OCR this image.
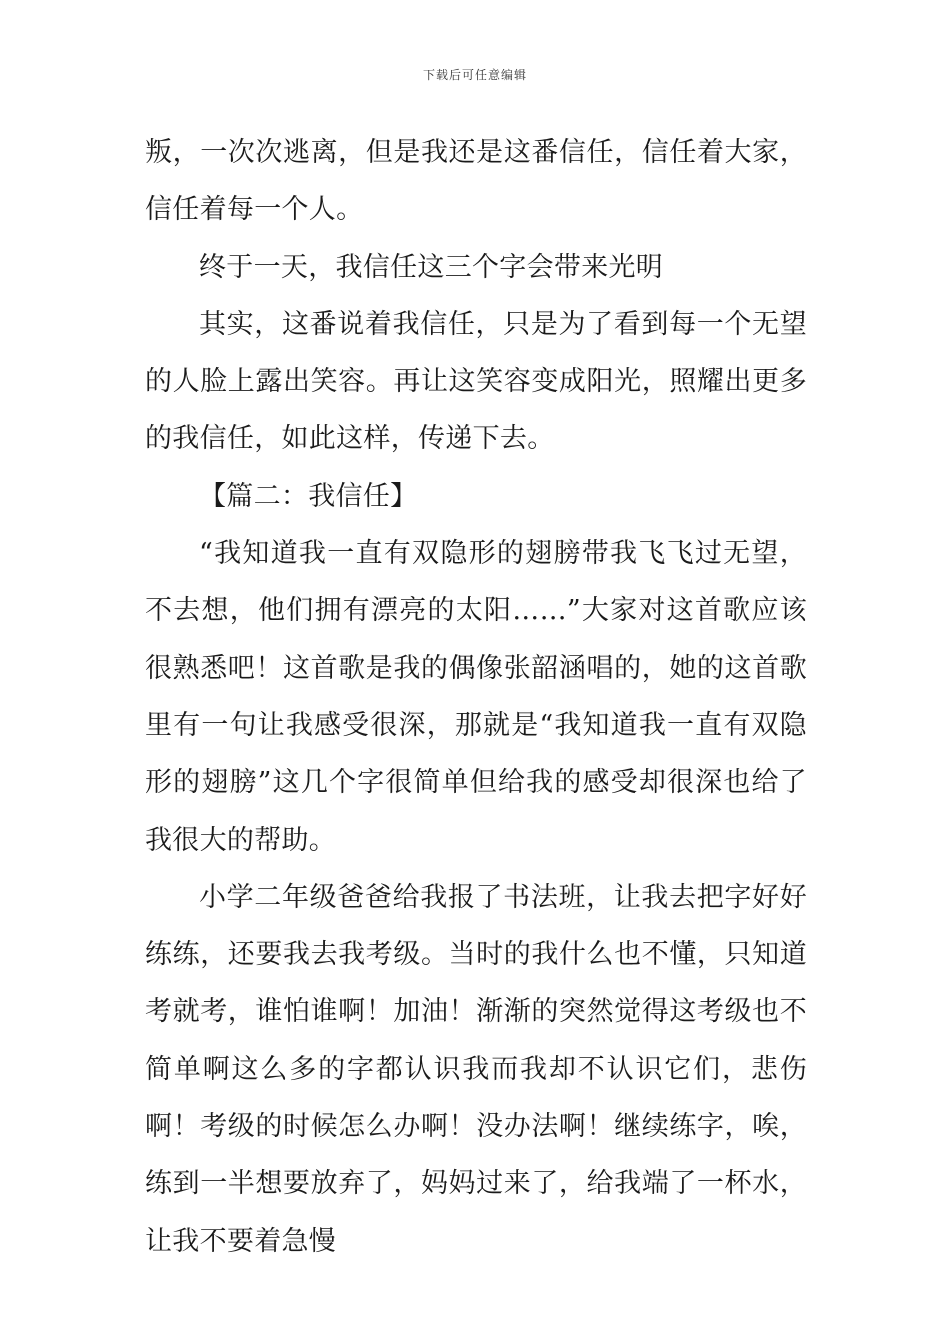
下载后可任意编辑

叛，一次次逃离，但是我还是这番信任，信任着大家，信任着每一个人。

终于一天，我信任这三个字会带来光明

其实，这番说着我信任，只是为了看到每一个无望的人脸上露出笑容。再让这笑容变成阳光，照耀出更多的我信任，如此这样，传递下去。

【篇二：我信任】

“我知道我一直有双隐形的翅膀带我飞飞过无望，不去想，他们拥有漂亮的太阳……”大家对这首歌应该很熟悉吧！这首歌是我的偶像张韶涵唱的，她的这首歌里有一句让我感受很深，那就是“我知道我一直有双隐形的翅膀”这几个字很简单但给我的感受却很深也给了我很大的帮助。

小学二年级爸爸给我报了书法班，让我去把字好好练练，还要我去我考级。当时的我什么也不懂，只知道考就考，谁怕谁啊！加油！渐渐的突然觉得这考级也不简单啊这么多的字都认识我而我却不认识它们，悲伤啊！考级的时候怎么办啊！没办法啊！继续练字，唉，练到一半想要放弃了，妈妈过来了，给我端了一杯水，让我不要着急慢
